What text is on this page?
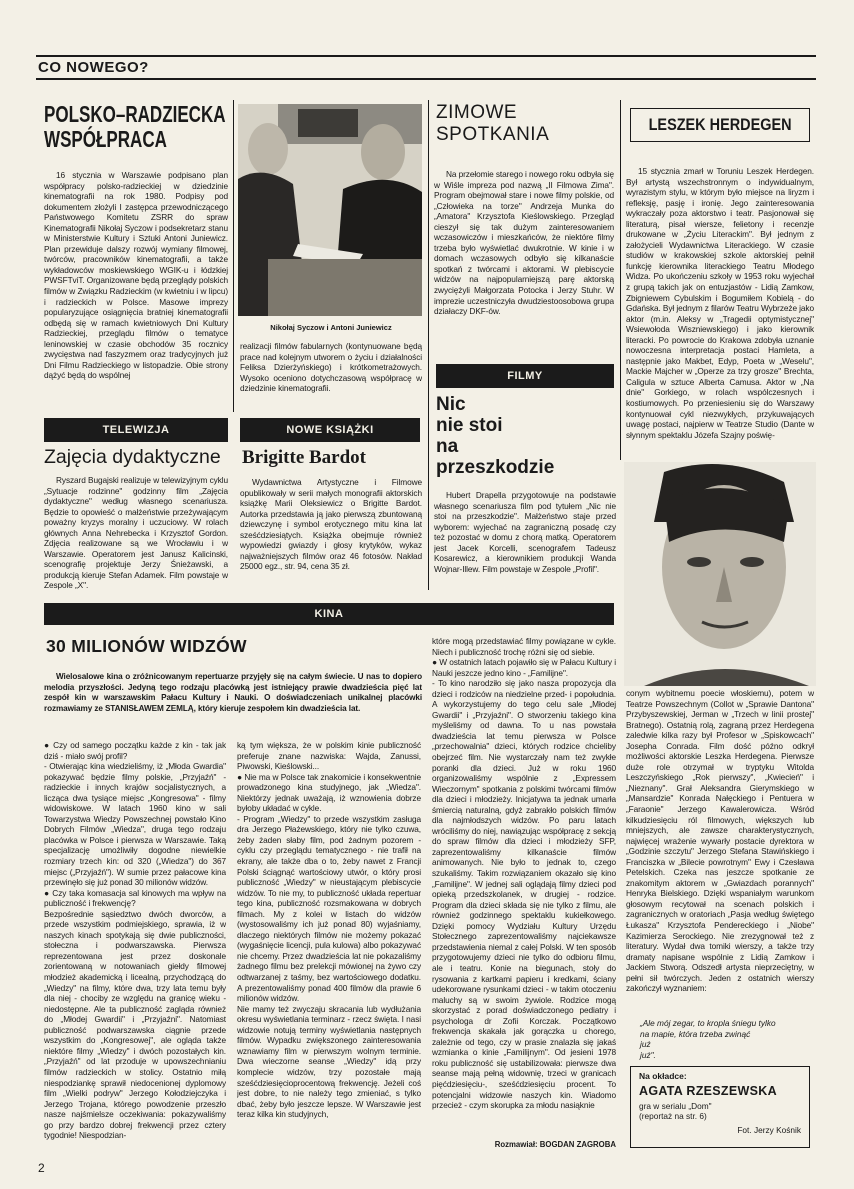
CO NOWEGO?
POLSKO–RADZIECKA
WSPÓŁPRACA
16 stycznia w Warszawie podpisano plan współpracy polsko-radzieckiej w dziedzinie kinematografii na rok 1980. Podpisy pod dokumentem złożyli I zastępca przewodniczącego Państwowego Komitetu ZSRR do spraw Kinematografii Nikołaj Syczow i podsekretarz stanu w Ministerstwie Kultury i Sztuki Antoni Juniewicz. Plan przewiduje dalszy rozwój wymiany filmowej, twórców, pracowników kinematografii, a także wykładowców moskiewskiego WGIK-u i łódzkiej PWSFTviT. Organizowane będą przeglądy polskich filmów w Związku Radzieckim (w kwietniu i w lipcu) i radzieckich w Polsce. Masowe imprezy popularyzujące osiągnięcia bratniej kinematografii odbędą się w ramach kwietniowych Dni Kultury Radzieckiej, przeglądu filmów o tematyce leninowskiej w czasie obchodów 35 rocznicy zwycięstwa nad faszyzmem oraz tradycyjnych już Dni Filmu Radzieckiego w listopadzie. Obie strony dążyć będą do wspólnej
Nikołaj Syczow i Antoni Juniewicz
realizacji filmów fabularnych (kontynuowane będą prace nad kolejnym utworem o życiu i działalności Feliksa Dzierżyńskiego) i krótkometrażowych. Wysoko oceniono dotychczasową współpracę w dziedzinie kinematografii.
ZIMOWE
SPOTKANIA
Na przełomie starego i nowego roku odbyła się w Wiśle impreza pod nazwą „II Filmowa Zima". Program obejmował stare i nowe filmy polskie, od „Człowieka na torze" Andrzeja Munka do „Amatora" Krzysztofa Kieślowskiego. Przegląd cieszył się tak dużym zainteresowaniem wczasowiczów i mieszkańców, że niektóre filmy trzeba było wyświetlać dwukrotnie. W kinie i w domach wczasowych odbyło się kilkanaście spotkań z twórcami i aktorami. W plebiscycie widzów na najpopularniejszą parę aktorską zwyciężyli Małgorzata Potocka i Jerzy Stuhr. W imprezie uczestniczyła dwudziestoosobowa grupa działaczy DKF-ów.
LESZEK HERDEGEN
15 stycznia zmarł w Toruniu Leszek Herdegen. Był artystą wszechstronnym o indywidualnym, wyrazistym stylu, w którym było miejsce na liryzm i refleksję, pasję i ironię. Jego zainteresowania wykraczały poza aktorstwo i teatr. Pasjonował się literaturą, pisał wiersze, felietony i recenzje drukowane w „Życiu Literackim". Był jednym z założycieli Wydawnictwa Literackiego. W czasie studiów w krakowskiej szkole aktorskiej pełnił funkcję kierownika literackiego Teatru Młodego Widza. Po ukończeniu szkoły w 1953 roku wyjechał z grupą takich jak on entuzjastów - Lidią Zamkow, Zbigniewem Cybulskim i Bogumiłem Kobielą - do Gdańska. Był jednym z filarów Teatru Wybrzeże jako aktor (m.in. Aleksy w „Tragedii optymistycznej" Wsiewołoda Wiszniewskiego) i jako kierownik literacki. Po powrocie do Krakowa zdobyła uznanie nowoczesna interpretacja postaci Hamleta, a następnie jako Makbet, Edyp, Poeta w „Weselu", Mackie Majcher w „Operze za trzy grosze" Brechta, Caligula w sztuce Alberta Camusa. Aktor w „Na dnie" Gorkiego, w rolach wspólczesnych i kostiumowych. Po przeniesieniu się do Warszawy kontynuował cykl niezwykłych, przykuwających uwagę postaci, najpierw w Teatrze Studio (Dante w słynnym spektaklu Józefa Szajny poświę-
conym wybitnemu poecie włoskiemu), potem w Teatrze Powszechnym (Collot w „Sprawie Dantona" Przybyszewskiej, Jerman w „Trzech w linii prostej" Bratnego). Ostatnią rolą, zagraną przez Herdegena zaledwie kilka razy był Profesor w „Spiskowcach" Josepha Conrada. Film dość późno odkrył możliwości aktorskie Leszka Herdegena. Pierwsze duże role otrzymał w tryptyku Witolda Leszczyńskiego „Rok pierwszy", „Kwiecień" i „Nieznany". Grał Aleksandra Gierymskiego w „Mansardzie" Konrada Nałęckiego i Pentuera w „Faraonie" Jerzego Kawalerowicza. Wśród kilkudziesięciu ról filmowych, większych lub mniejszych, ale zawsze charakterystycznych, najwięcej wrażenie wywarły postacie dyrektora w „Godzinie szczytu" Jerzego Stefana Stawińskiego i Franciszka w „Bilecie powrotnym" Ewy i Czesława Petelskich. Czeka nas jeszcze spotkanie ze znakomitym aktorem w „Gwiazdach porannych" Henryka Bielskiego. Dzięki wspaniałym warunkom głosowym recytował na scenach polskich i zagranicznych w oratoriach „Pasja według świętego Łukasza" Krzysztofa Pendereckiego i „Niobe" Kazimierza Serockiego. Nie zrezygnował też z literatury. Wydał dwa tomiki wierszy, a także trzy dramaty napisane wspólnie z Lidią Zamkow i Jackiem Stworą. Odszedł artysta nieprzeciętny, w pełni sił twórczych. Jeden z ostatnich wierszy zakończył wyznaniem:
„Ale mój zegar, to kropla śniegu tylko
na mapie, która trzeba zwinąć
już
już".
Na okładce:
AGATA RZESZEWSKA
gra w serialu „Dom"
(reportaż na str. 6)
Fot. Jerzy Kośnik
TELEWIZJA
Zajęcia dydaktyczne
Ryszard Bugajski realizuje w telewizyjnym cyklu „Sytuacje rodzinne" godzinny film „Zajęcia dydaktyczne" według własnego scenariusza. Będzie to opowieść o małżeństwie przeżywającym poważny kryzys moralny i uczuciowy. W rolach głównych Anna Nehrebecka i Krzysztof Gordon. Zdjęcia realizowane są we Wrocławiu i w Warszawie. Operatorem jest Janusz Kalicinski, scenografię projektuje Jerzy Śnieżawski, a produkcją kieruje Stefan Adamek. Film powstaje w Zespole „X".
NOWE KSIĄŻKI
Brigitte Bardot
Wydawnictwa Artystyczne i Filmowe opublikowały w serii małych monografii aktorskich książkę Marii Oleksiewicz o Brigitte Bardot. Autorka przedstawia ją jako pierwszą zbuntowaną dziewczynę i symbol erotycznego mitu kina lat sześćdziesiątych. Książka obejmuje również wypowiedzi gwiazdy i głosy krytyków, wykaz najważniejszych filmów oraz 46 fotosów. Nakład 25000 egz., str. 94, cena 35 zł.
FILMY
Nic
nie stoi
na
przeszkodzie
Hubert Drapella przygotowuje na podstawie własnego scenariusza film pod tytułem „Nic nie stoi na przeszkodzie". Małżeństwo staje przed wyborem: wyjechać na zagraniczną posadę czy też pozostać w domu z chorą matką. Operatorem jest Jacek Korcelli, scenografem Tadeusz Kosarewicz, a kierownikiem produkcji Wanda Wojnar-Illew. Film powstaje w Zespole „Profil".
KINA
30 MILIONÓW WIDZÓW
Wielosalowe kina o zróżnicowanym repertuarze przyjęły się na całym świecie. U nas to dopiero melodia przyszłości. Jedyną tego rodzaju placówką jest istniejący prawie dwadzieścia pięć lat zespół kin w warszawskim Pałacu Kultury i Nauki. O doświadczeniach unikalnej placówki rozmawiamy ze STANISŁAWEM ZEMLĄ, który kieruje zespołem kin dwadzieścia lat.
● Czy od samego początku każde z kin - tak jak dziś - miało swój profil?
- Otwierając kina wiedzieliśmy, iż „Młoda Gwardia" pokazywać będzie filmy polskie, „Przyjaźń" - radzieckie i innych krajów socjalistycznych, a licząca dwa tysiące miejsc „Kongresowa" - filmy widowiskowe. W latach 1960 kino w sali Towarzystwa Wiedzy Powszechnej powstało Kino Dobrych Filmów „Wiedza", druga tego rodzaju placówka w Polsce i pierwsza w Warszawie. Taką specjalizację umożliwiły dogodne niewielkie rozmiary trzech kin: od 320 („Wiedza") do 367 miejsc („Przyjaźń"). W sumie przez pałacowe kina przewinęło się już ponad 30 milionów widzów.
● Czy taka komasacja sal kinowych ma wpływ na publiczność i frekwencję?
Bezpośrednie sąsiedztwo dwóch dworców, a przede wszystkim podmiejskiego, sprawia, iż w naszych kinach spotykają się dwie publiczności, stołeczna i podwarszawska. Pierwsza reprezentowana jest przez doskonale zorientowaną w notowaniach giełdy filmowej młodzież akademicką i licealną, przychodzącą do „Wiedzy" na filmy, które dwa, trzy lata temu były dla niej - chociby ze względu na granicę wieku - niedostępne. Ale ta publiczność zagląda również do „Młodej Gwardii" i „Przyjaźni". Natomiast publiczność podwarszawska ciągnie przede wszystkim do „Kongresowej", ale ogląda także niektóre filmy „Wiedzy" i dwóch pozostałych kin. „Przyjaźń" od lat przoduje w upowszechnianiu filmów radzieckich w stolicy. Ostatnio miłą niespodziankę sprawił niedocenionej dyplomowy film „Wielki podryw" Jerzego Kołodziejczyka i Jerzego Trojana, którego powodzenie przeszło nasze najśmielsze oczekiwania: pokazywaliśmy go przy bardzo dobrej frekwencji przez cztery tygodnie! Niespodzian-
ką tym większa, że w polskim kinie publiczność preferuje znane nazwiska: Wajda, Zanussi, Piwowski, Kieślowski...
● Nie ma w Polsce tak znakomicie i konsekwentnie prowadzonego kina studyjnego, jak „Wiedza". Niektórzy jednak uważają, iż wznowienia dobrze byłoby układać w cykle.
- Program „Wiedzy" to przede wszystkim zasługa dra Jerzego Płażewskiego, który nie tylko czuwa, żeby żaden słaby film, pod żadnym pozorem - cyklu czy przeglądu tematycznego - nie trafił na ekrany, ale także dba o to, żeby nawet z Francji Polski ściągnąć wartościowy utwór, o który prosi publiczność „Wiedzy" w nieustającym plebiscycie widzów. To nie my, to publiczność układa repertuar tego kina, publiczność rozsmakowana w dobrych filmach. My z kolei w listach do widzów (wystosowaliśmy ich już ponad 80) wyjaśniamy, dlaczego niektórych filmów nie możemy pokazać (wygaśnięcie licencji, pula kulowa) albo pokazywać nie chcemy. Przez dwadzieścia lat nie pokazaliśmy żadnego filmu bez prelekcji mówionej na żywo czy odtwarzanej z taśmy, bez wartościowego dodatku. A prezentowaliśmy ponad 400 filmów dla prawie 6 milionów widzów.
Nie mamy też zwyczaju skracania lub wydłużania okresu wyświetlania terminarz - rzecz święta. I nasi widzowie notują terminy wyświetlania następnych filmów. Wypadku zwiększonego zainteresowania wznawiamy film w pierwszym wolnym terminie. Dwa wieczorne seanse „Wiedzy" idą przy komplecie widzów, trzy pozostałe mają sześćdziesięcioprocentową frekwencję. Jeżeli coś jest dobre, to nie należy tego zmieniać, s tylko dbać, żeby było jeszcze lepsze. W Warszawie jest teraz kilka kin studyjnych,
które mogą przedstawiać filmy powiązane w cykle. Niech i publiczność trochę różni się od siebie.
● W ostatnich latach pojawiło się w Pałacu Kultury i Nauki jeszcze jedno kino - „Familijne".
- To kino narodziło się jako nasza propozycja dla dzieci i rodziców na niedzielne przed- i popołudnia. A wykorzystujemy do tego celu sale „Młodej Gwardii" i „Przyjaźni". O stworzeniu takiego kina myśleliśmy od dawna. To u nas powstała dwadzieścia lat temu pierwsza w Polsce „przechowalnia" dzieci, których rodzice chcieliby obejrzeć film. Nie wystarczały nam też zwykłe poranki dla dzieci. Już w roku 1960 organizowaliśmy wspólnie z „Expressem Wieczornym" spotkania z polskimi twórcami filmów dla dzieci i młodzieży. Inicjatywa ta jednak umarła śmiercią naturalną, gdyż zabrakło polskich filmów dla najmłodszych widzów. Po paru latach wróciliśmy do niej, nawiązując współpracę z sekcją do spraw filmów dla dzieci i młodzieży SFP, zaprezentowaliśmy kilkanaście filmów animowanych. Nie było to jednak to, czego szukaliśmy. Takim rozwiązaniem okazało się kino „Familijne". W jednej sali oglądają filmy dzieci pod opieką przedszkolanek, w drugiej - rodzice. Program dla dzieci składa się nie tylko z filmu, ale również godzinnego spektaklu kukiełkowego. Dzięki pomocy Wydziału Kultury Urzędu Stołecznego zaprezentowaliśmy najciekawsze przedstawienia niemal z całej Polski. W ten sposób przygotowujemy dzieci nie tylko do odbioru filmu, ale i teatru. Konie na biegunach, stoły do rysowania z kartkami papieru i kredkami, ściany udekorowane rysunkami dzieci - w takim otoczeniu maluchy są w swoim żywiole. Rodzice mogą skorzystać z porad doświadczonego pediatry i psychologa dr Zofii Korczak. Początkowo frekwencja skakała jak gorączka u chorego, zależnie od tego, czy w prasie znalazła się jakaś wzmianka o kinie „Familijnym". Od jesieni 1978 roku publiczność się ustabilizowała: pierwsze dwa seanse mają pełną widownię, trzeci w granicach pięćdziesięciu-, sześćdziesięciu procent. To potencjalni widzowie naszych kin. Wiadomo przecież - czym skorupka za młodu nasiąknie
Rozmawiał: BOGDAN ZAGROBA
2
